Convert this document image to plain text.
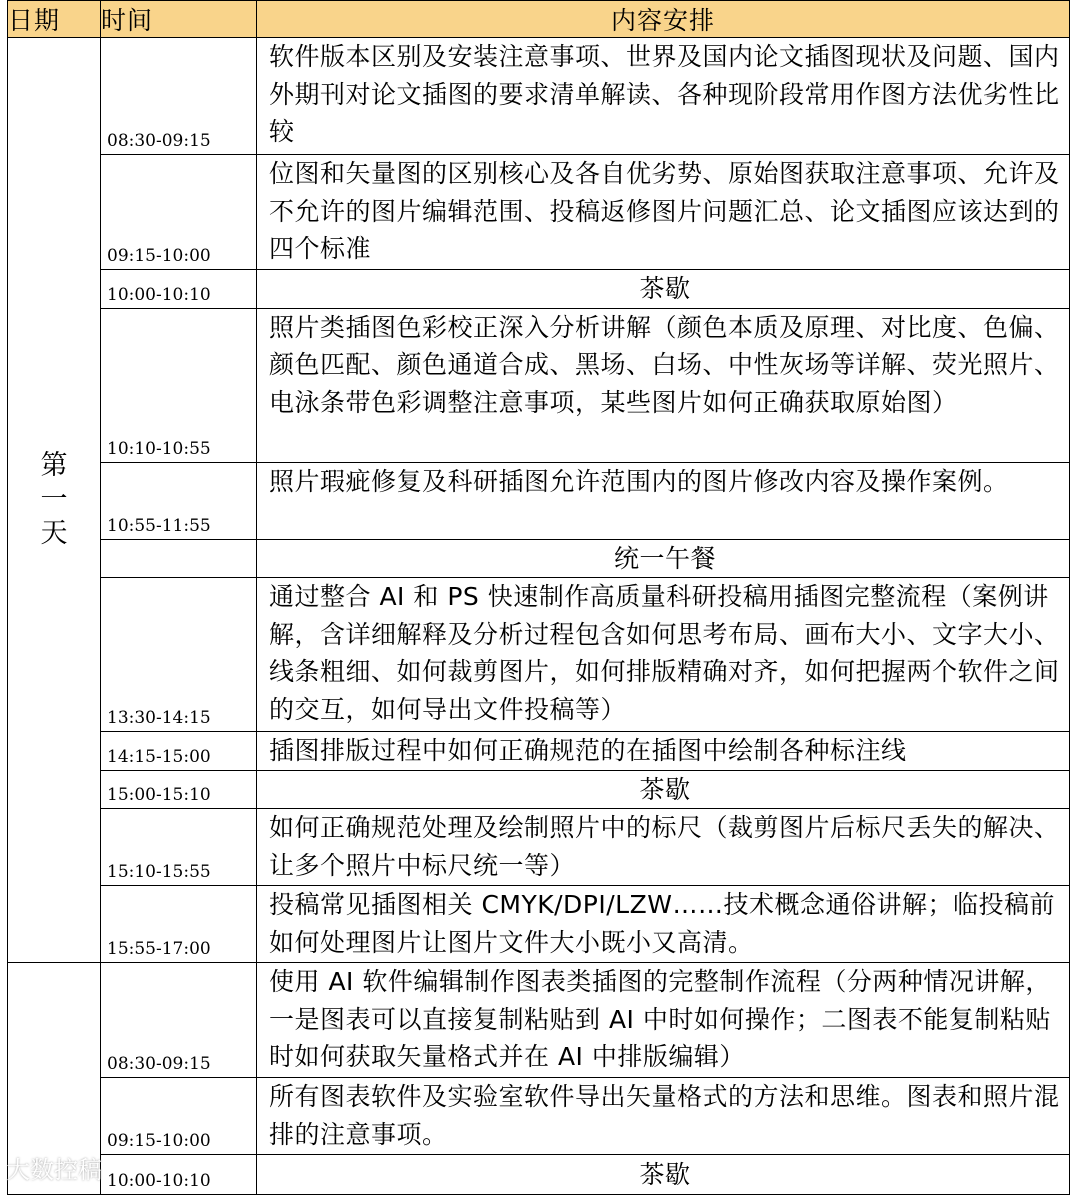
日期	时间	内容安排
第一天	08:30-09:15	软件版本区别及安装注意事项、世界及国内论文插图现状及问题、国内外期刊对论文插图的要求清单解读、各种现阶段常用作图方法优劣性比较
	09:15-10:00	位图和矢量图的区别核心及各自优劣势、原始图获取注意事项、允许及不允许的图片编辑范围、投稿返修图片问题汇总、论文插图应该达到的四个标准
	10:00-10:10	茶歇
	10:10-10:55	照片类插图色彩校正深入分析讲解（颜色本质及原理、对比度、色偏、颜色匹配、颜色通道合成、黑场、白场、中性灰场等详解、荧光照片、电泳条带色彩调整注意事项，某些图片如何正确获取原始图）
	10:55-11:55	照片瑕疵修复及科研插图允许范围内的图片修改内容及操作案例。
		统一午餐
	13:30-14:15	通过整合 AI 和 PS 快速制作高质量科研投稿用插图完整流程（案例讲解，含详细解释及分析过程包含如何思考布局、画布大小、文字大小、线条粗细、如何裁剪图片，如何排版精确对齐，如何把握两个软件之间的交互，如何导出文件投稿等）
	14:15-15:00	插图排版过程中如何正确规范的在插图中绘制各种标注线
	15:00-15:10	茶歇
	15:10-15:55	如何正确规范处理及绘制照片中的标尺（裁剪图片后标尺丢失的解决、让多个照片中标尺统一等）
	15:55-17:00	投稿常见插图相关 CMYK/DPI/LZW……技术概念通俗讲解；临投稿前如何处理图片让图片文件大小既小又高清。
	08:30-09:15	使用 AI 软件编辑制作图表类插图的完整制作流程（分两种情况讲解，一是图表可以直接复制粘贴到 AI 中时如何操作；二图表不能复制粘贴时如何获取矢量格式并在 AI 中排版编辑）
	09:15-10:00	所有图表软件及实验室软件导出矢量格式的方法和思维。图表和照片混排的注意事项。
	10:00-10:10	茶歇
大数控稿
